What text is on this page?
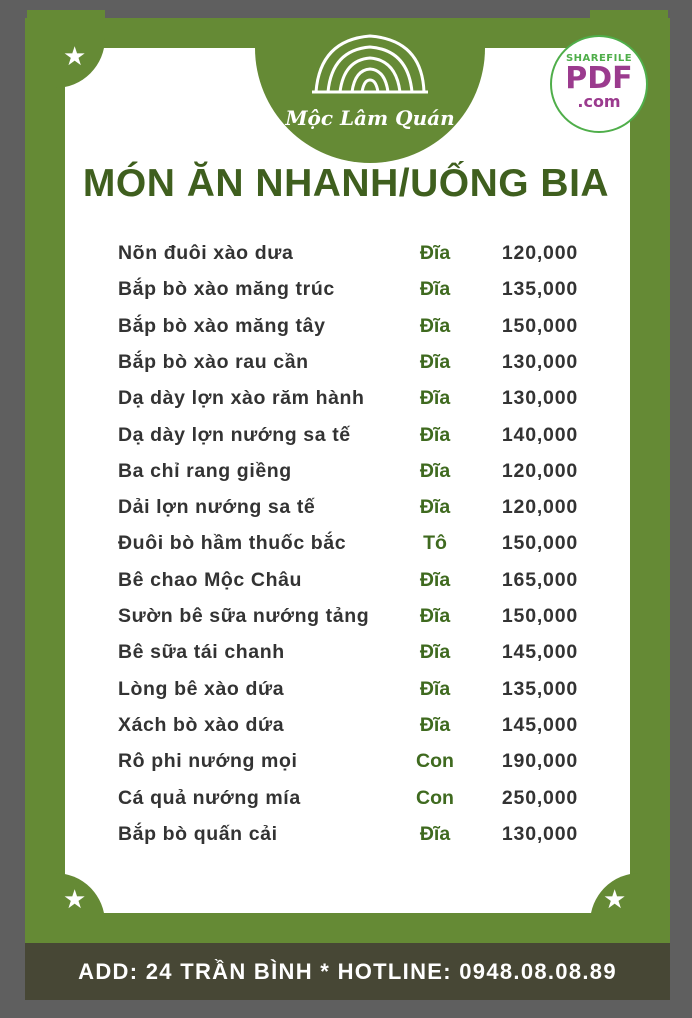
Mộc Lâm Quán
★
★	★
SHAREFILE
PDF
.com
MÓN ĂN NHANH/UỐNG BIA
Nõn đuôi xào dưa	Đĩa	120,000
Bắp bò xào măng trúc	Đĩa	135,000
Bắp bò xào măng tây	Đĩa	150,000
Bắp bò xào rau cần	Đĩa	130,000
Dạ dày lợn xào răm hành	Đĩa	130,000
Dạ dày lợn nướng sa tế	Đĩa	140,000
Ba chỉ rang giềng	Đĩa	120,000
Dải lợn nướng sa tế	Đĩa	120,000
Đuôi bò hầm thuốc bắc	Tô	150,000
Bê chao Mộc Châu	Đĩa	165,000
Sườn bê sữa nướng tảng	Đĩa	150,000
Bê sữa tái chanh	Đĩa	145,000
Lòng bê xào dứa	Đĩa	135,000
Xách bò xào dứa	Đĩa	145,000
Rô phi nướng mọi	Con	190,000
Cá quả nướng mía	Con	250,000
Bắp bò quấn cải	Đĩa	130,000
ADD: 24 TRẦN BÌNH * HOTLINE: 0948.08.08.89
